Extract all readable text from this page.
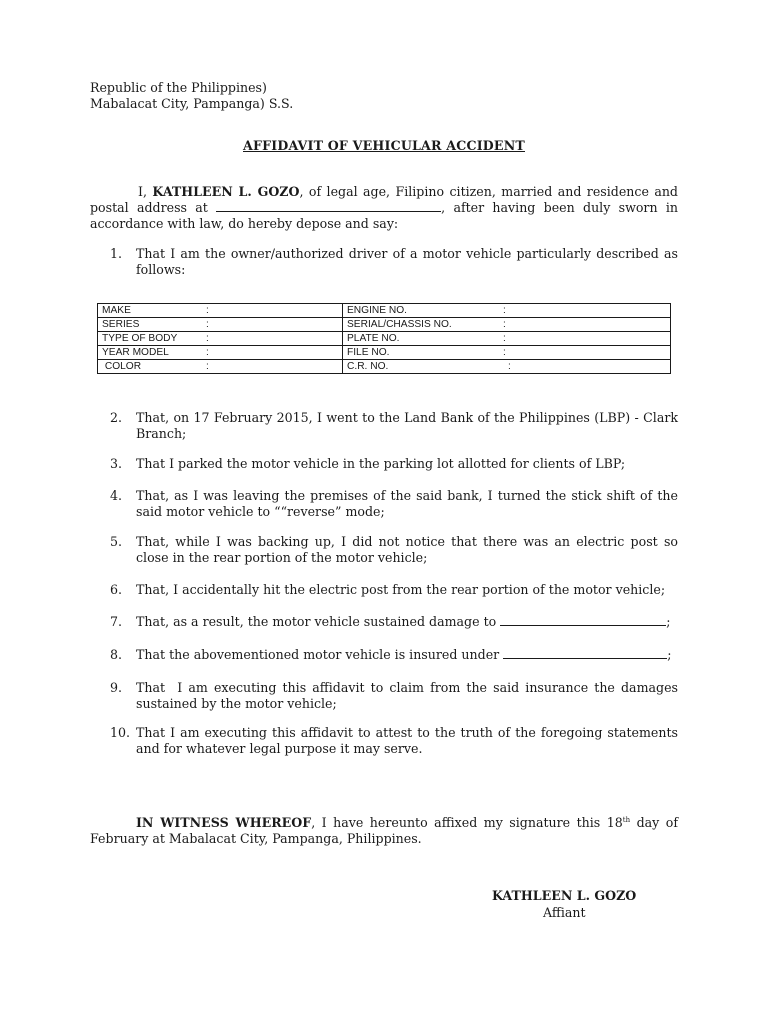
Republic of the Philippines)
Mabalacat City, Pampanga) S.S.
AFFIDAVIT OF VEHICULAR ACCIDENT
I, KATHLEEN L. GOZO, of legal age, Filipino citizen, married and residence and postal address at	, after having been duly sworn in accordance with law, do hereby depose and say:
1.	That I am the owner/authorized driver of a motor vehicle particularly described as follows:
MAKE :	ENGINE NO. :
SERIES :	SERIAL/CHASSIS NO. :
TYPE OF BODY :	PLATE NO. :
YEAR MODEL :	FILE NO. :
COLOR :	C.R. NO. :
2.	That, on 17 February 2015, I went to the Land Bank of the Philippines (LBP) - Clark Branch;
3.	That I parked the motor vehicle in the parking lot allotted for clients of LBP;
4.	That, as I was leaving the premises of the said bank, I turned the stick shift of the said motor vehicle to ““reverse” mode;
5.	That, while I was backing up, I did not notice that there was an electric post so close in the rear portion of the motor vehicle;
6.	That, I accidentally hit the electric post from the rear portion of the motor vehicle;
7.	That, as a result, the motor vehicle sustained damage to	;
8.	That the abovementioned motor vehicle is insured under	;
9.	That  I am executing this affidavit to claim from the said insurance the damages sustained by the motor vehicle;
10. That I am executing this affidavit to attest to the truth of the foregoing statements and for whatever legal purpose it may serve.
IN WITNESS WHEREOF, I have hereunto affixed my signature this 18th day of February at Mabalacat City, Pampanga, Philippines.
KATHLEEN L. GOZO
Affiant
